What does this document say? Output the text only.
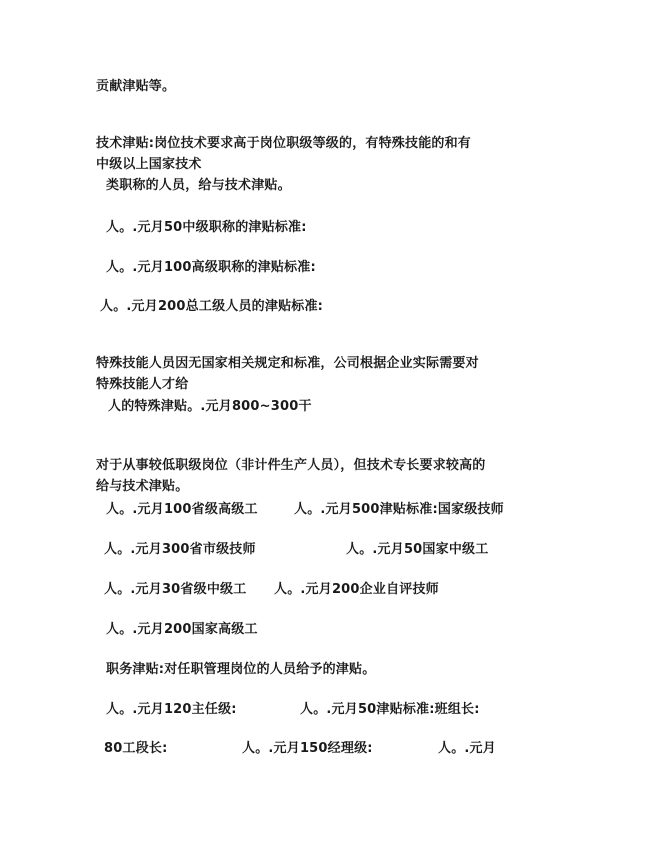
贡献津贴等。
技术津贴:岗位技术要求高于岗位职级等级的，有特殊技能的和有
中级以上国家技术
类职称的人员，给与技术津贴。
人。.元月50中级职称的津贴标准:
人。.元月100高级职称的津贴标准:
人。.元月200总工级人员的津贴标准:
特殊技能人员因无国家相关规定和标准，公司根据企业实际需要对
特殊技能人才给
人的特殊津贴。.元月800~300干
对于从事较低职级岗位（非计件生产人员），但技术专长要求较高的
给与技术津贴。
人。.元月100省级高级工	人。.元月500津贴标准:国家级技师
人。.元月300省市级技师	人。.元月50国家中级工
人。.元月30省级中级工 人。.元月200企业自评技师
人。.元月200国家高级工
职务津贴:对任职管理岗位的人员给予的津贴。
人。.元月120主任级:	人。.元月50津贴标准:班组长:
80工段长:	人。.元月150经理级:	人。.元月
